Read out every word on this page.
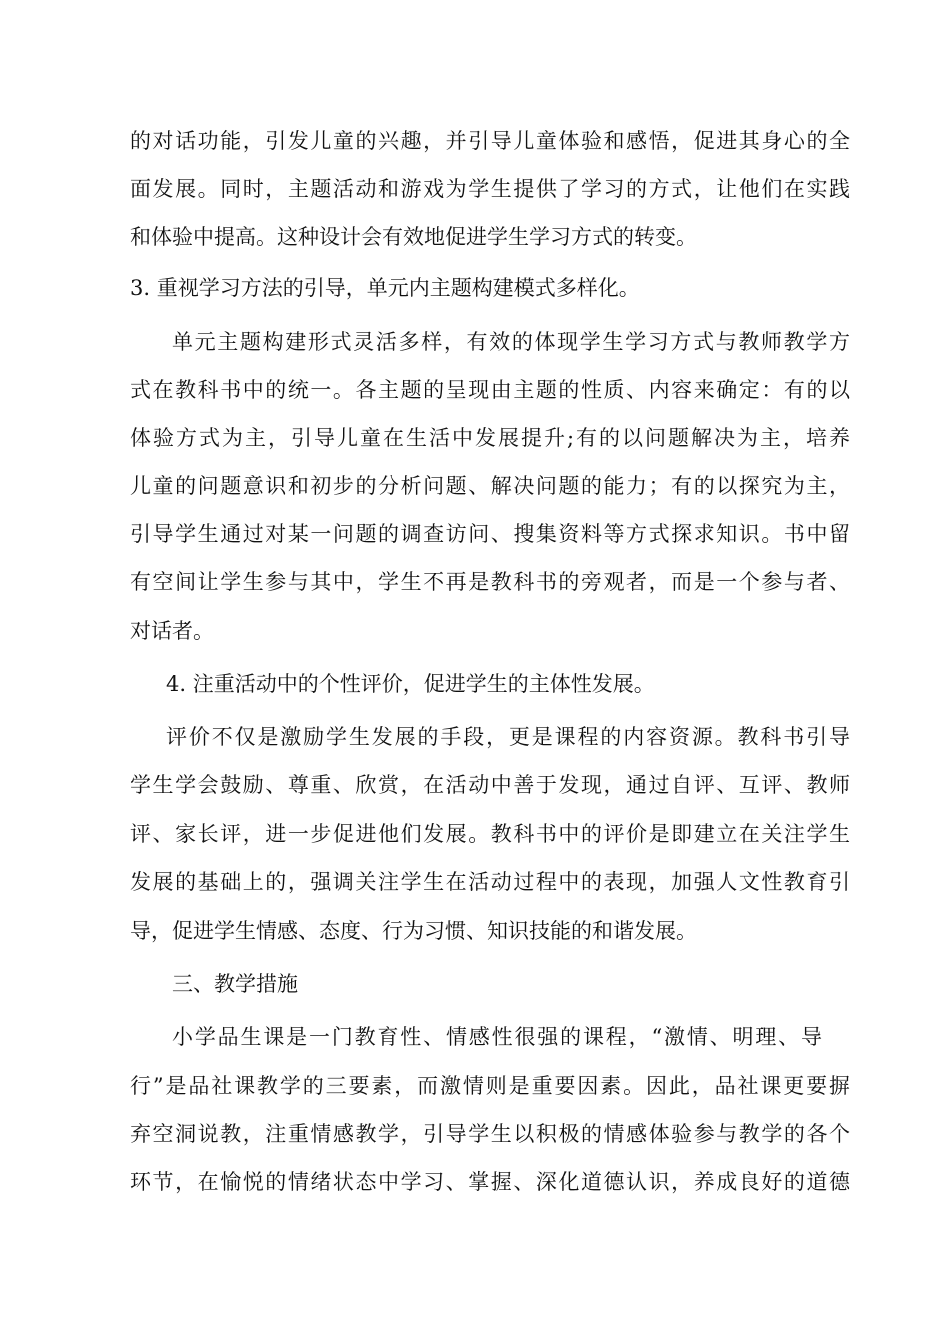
的对话功能，引发儿童的兴趣，并引导儿童体验和感悟，促进其身心的全
面发展。同时，主题活动和游戏为学生提供了学习的方式，让他们在实践
和体验中提高。这种设计会有效地促进学生学习方式的转变。
3. 重视学习方法的引导，单元内主题构建模式多样化。
单元主题构建形式灵活多样，有效的体现学生学习方式与教师教学方
式在教科书中的统一。各主题的呈现由主题的性质、内容来确定：有的以
体验方式为主，引导儿童在生活中发展提升;有的以问题解决为主，培养
儿童的问题意识和初步的分析问题、解决问题的能力；有的以探究为主，
引导学生通过对某一问题的调查访问、搜集资料等方式探求知识。书中留
有空间让学生参与其中，学生不再是教科书的旁观者，而是一个参与者、
对话者。
4. 注重活动中的个性评价，促进学生的主体性发展。
评价不仅是激励学生发展的手段，更是课程的内容资源。教科书引导
学生学会鼓励、尊重、欣赏，在活动中善于发现，通过自评、互评、教师
评、家长评，进一步促进他们发展。教科书中的评价是即建立在关注学生
发展的基础上的，强调关注学生在活动过程中的表现，加强人文性教育引
导，促进学生情感、态度、行为习惯、知识技能的和谐发展。
三、教学措施
小学品生课是一门教育性、情感性很强的课程，“激情、明理、导
行”是品社课教学的三要素，而激情则是重要因素。因此，品社课更要摒
弃空洞说教，注重情感教学，引导学生以积极的情感体验参与教学的各个
环节，在愉悦的情绪状态中学习、掌握、深化道德认识，养成良好的道德
